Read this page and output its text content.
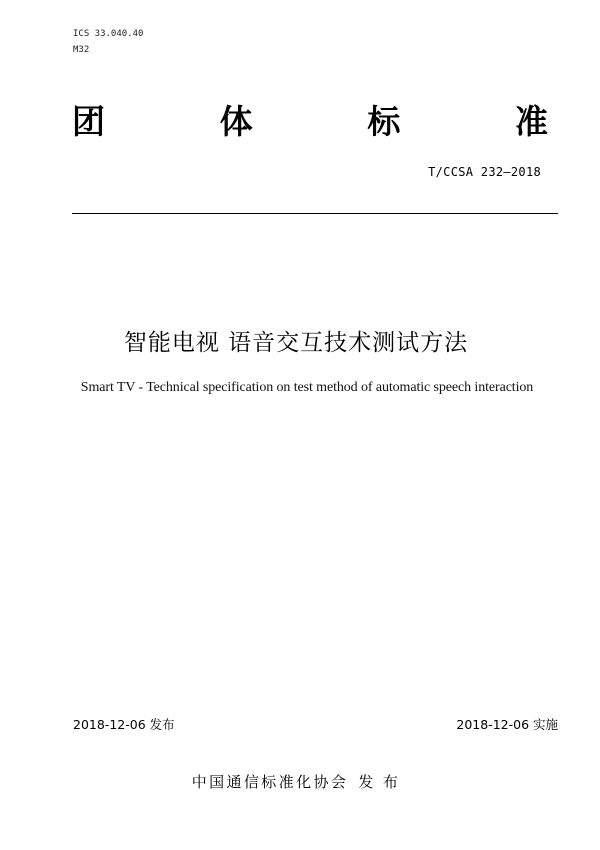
ICS 33.040.40
M32
团	体	标	准
T/CCSA 232—2018
智能电视 语音交互技术测试方法
Smart TV - Technical specification on test method of automatic speech interaction
2018-12-06 发布	2018-12-06 实施
中国通信标准化协会 发 布
